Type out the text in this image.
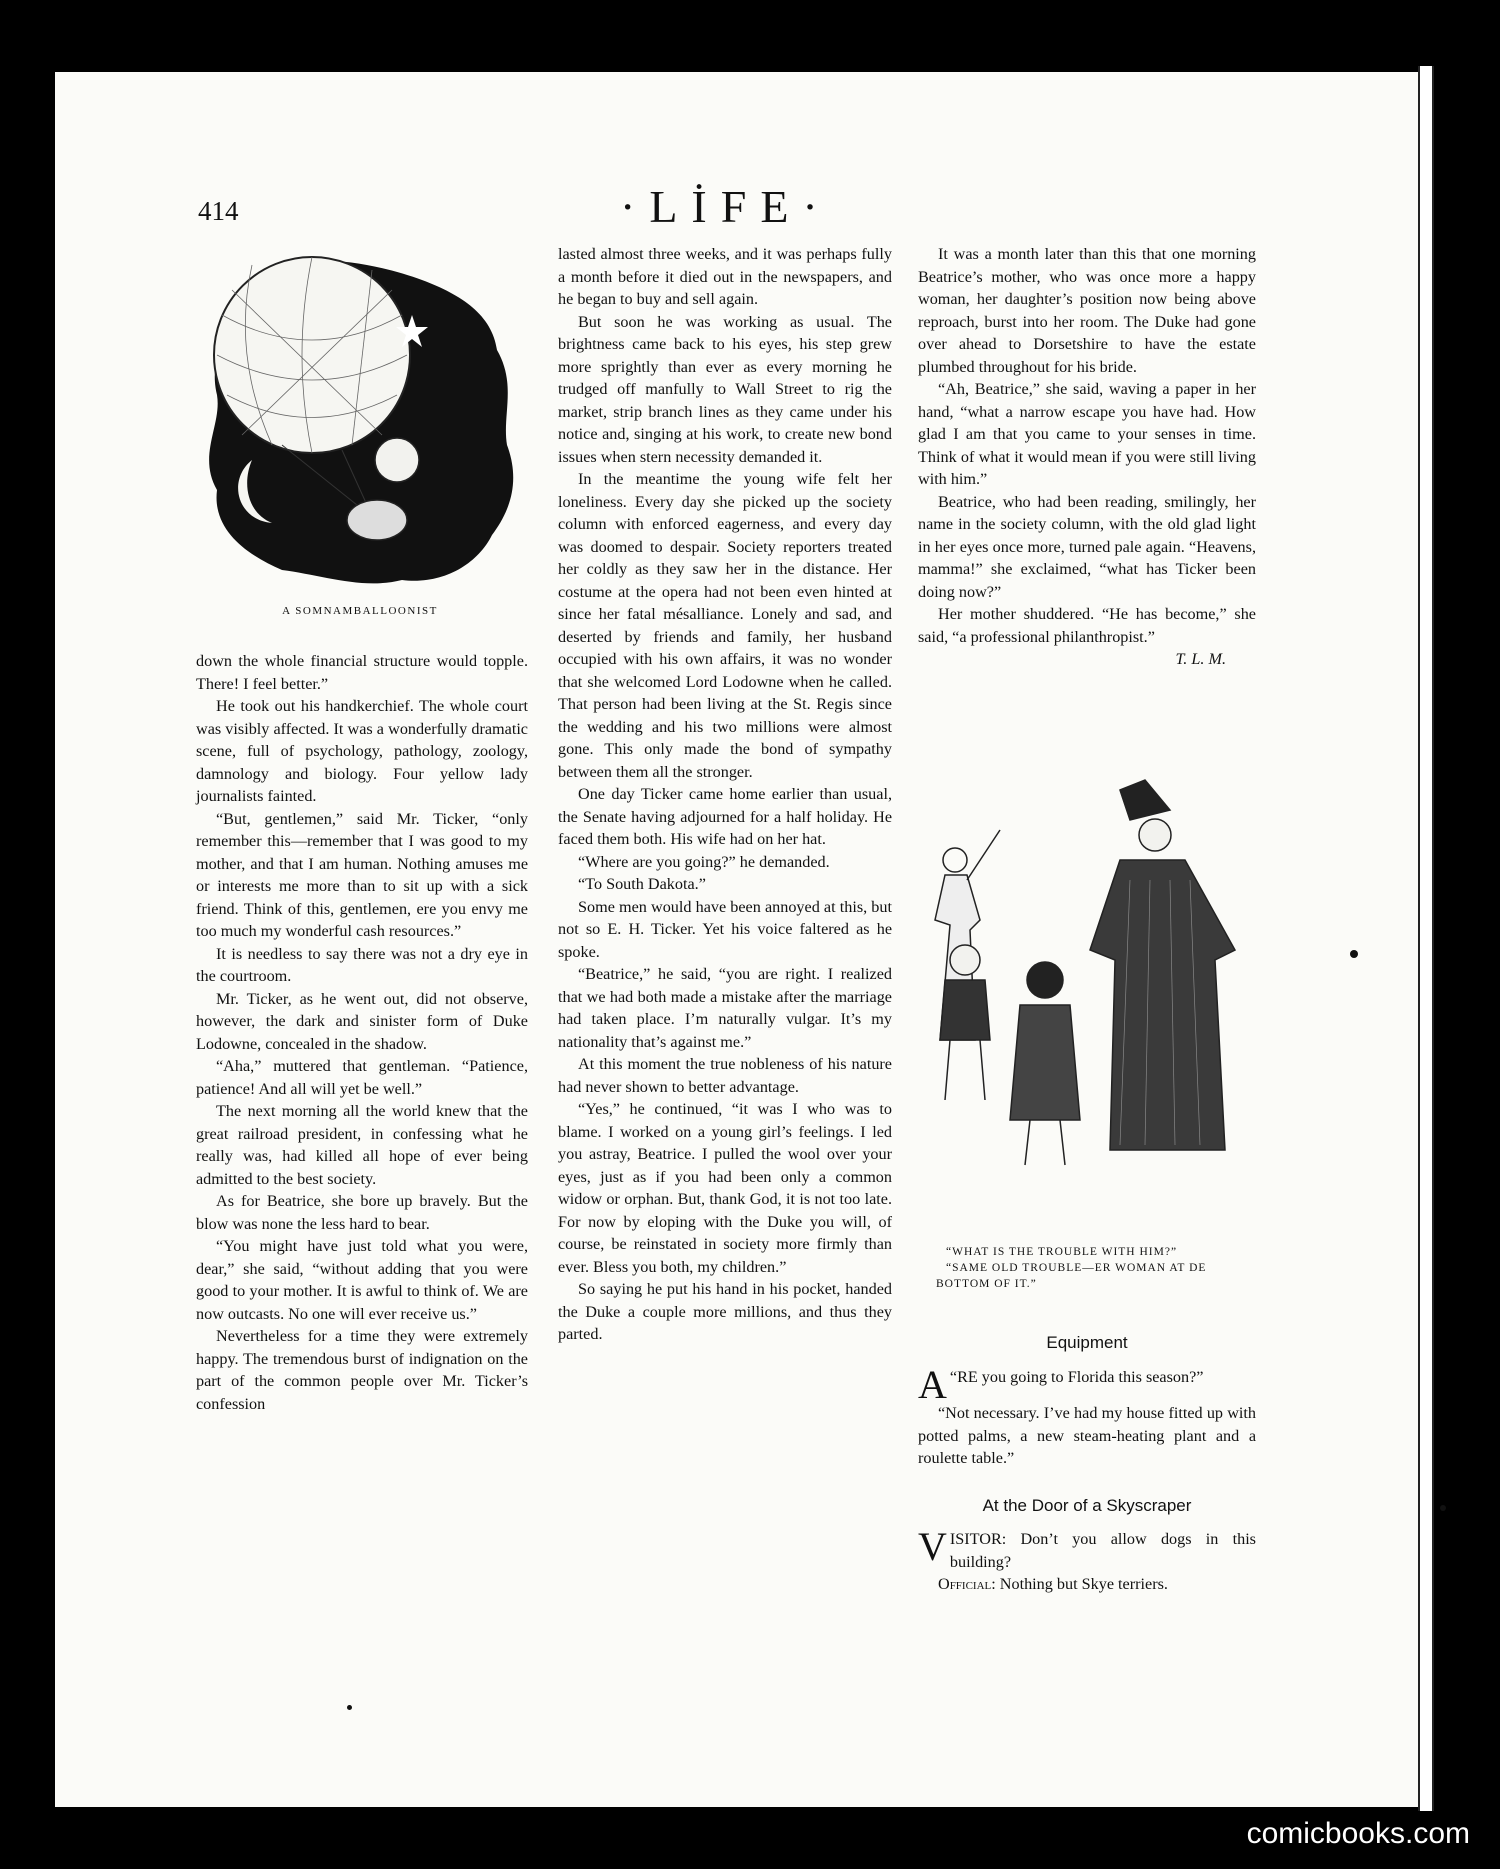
414	·LİFE·
A SOMNAMBALLOONIST

down the whole financial structure would topple. There! I feel better.”

He took out his handkerchief. The whole court was visibly affected. It was a wonderfully dramatic scene, full of psychology, pathology, zoology, damnology and biology. Four yellow lady journalists fainted.

“But, gentlemen,” said Mr. Ticker, “only remember this—remember that I was good to my mother, and that I am human. Nothing amuses me or interests me more than to sit up with a sick friend. Think of this, gentlemen, ere you envy me too much my wonderful cash resources.”

It is needless to say there was not a dry eye in the courtroom.

Mr. Ticker, as he went out, did not observe, however, the dark and sinister form of Duke Lodowne, concealed in the shadow.

“Aha,” muttered that gentleman. “Patience, patience! And all will yet be well.”

The next morning all the world knew that the great railroad president, in confessing what he really was, had killed all hope of ever being admitted to the best society.

As for Beatrice, she bore up bravely. But the blow was none the less hard to bear.

“You might have just told what you were, dear,” she said, “without adding that you were good to your mother. It is awful to think of. We are now outcasts. No one will ever receive us.”

Nevertheless for a time they were extremely happy. The tremendous burst of indignation on the part of the common people over Mr. Ticker’s confession

lasted almost three weeks, and it was perhaps fully a month before it died out in the newspapers, and he began to buy and sell again.

But soon he was working as usual. The brightness came back to his eyes, his step grew more sprightly than ever as every morning he trudged off manfully to Wall Street to rig the market, strip branch lines as they came under his notice and, singing at his work, to create new bond issues when stern necessity demanded it.

In the meantime the young wife felt her loneliness. Every day she picked up the society column with enforced eagerness, and every day was doomed to despair. Society reporters treated her coldly as they saw her in the distance. Her costume at the opera had not been even hinted at since her fatal mésalliance. Lonely and sad, and deserted by friends and family, her husband occupied with his own affairs, it was no wonder that she welcomed Lord Lodowne when he called. That person had been living at the St. Regis since the wedding and his two millions were almost gone. This only made the bond of sympathy between them all the stronger.

One day Ticker came home earlier than usual, the Senate having adjourned for a half holiday. He faced them both. His wife had on her hat.

“Where are you going?” he demanded.

“To South Dakota.”

Some men would have been annoyed at this, but not so E. H. Ticker. Yet his voice faltered as he spoke.

“Beatrice,” he said, “you are right. I realized that we had both made a mistake after the marriage had taken place. I’m naturally vulgar. It’s my nationality that’s against me.”

At this moment the true nobleness of his nature had never shown to better advantage.

“Yes,” he continued, “it was I who was to blame. I worked on a young girl’s feelings. I led you astray, Beatrice. I pulled the wool over your eyes, just as if you had been only a common widow or orphan. But, thank God, it is not too late. For now by eloping with the Duke you will, of course, be reinstated in society more firmly than ever. Bless you both, my children.”

So saying he put his hand in his pocket, handed the Duke a couple more millions, and thus they parted.

It was a month later than this that one morning Beatrice’s mother, who was once more a happy woman, her daughter’s position now being above reproach, burst into her room. The Duke had gone over ahead to Dorsetshire to have the estate plumbed throughout for his bride.

“Ah, Beatrice,” she said, waving a paper in her hand, “what a narrow escape you have had. How glad I am that you came to your senses in time. Think of what it would mean if you were still living with him.”

Beatrice, who had been reading, smilingly, her name in the society column, with the old glad light in her eyes once more, turned pale again. “Heavens, mamma!” she exclaimed, “what has Ticker been doing now?”

Her mother shuddered. “He has become,” she said, “a professional philanthropist.”

T. L. M.

“WHAT IS THE TROUBLE WITH HIM?”
“SAME OLD TROUBLE—ER WOMAN AT DE BOTTOM OF IT.”
Equipment

“
A RE you going to Florida this season?”

“Not necessary. I’ve had my house fitted up with potted palms, a new steam-heating plant and a roulette table.”

At the Door of a Skyscraper

VISITOR: Don’t you allow dogs in this building?

Official: Nothing but Skye terriers.

comicbooks.com
